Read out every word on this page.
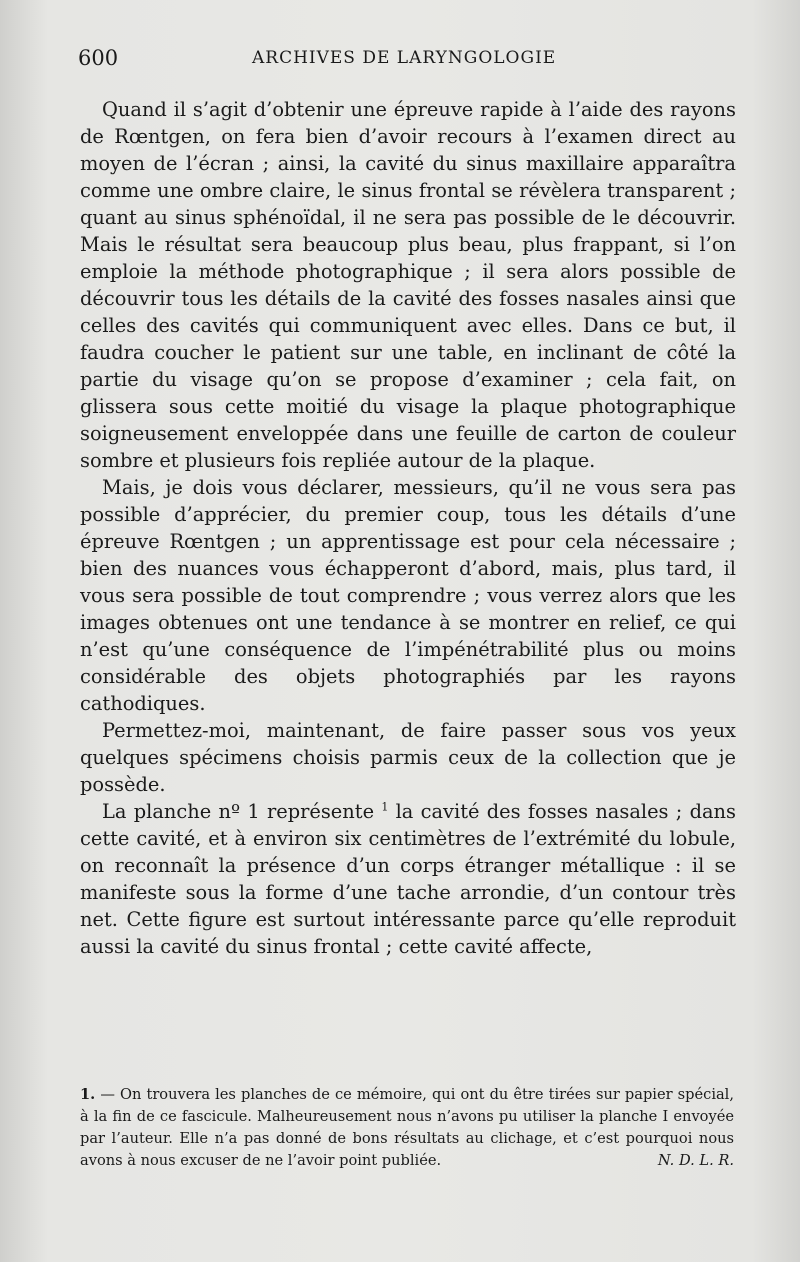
600	ARCHIVES DE LARYNGOLOGIE

Quand il s’agit d’obtenir une épreuve rapide à l’aide des rayons de Rœntgen, on fera bien d’avoir recours à l’examen direct au moyen de l’écran ; ainsi, la cavité du sinus maxillaire apparaîtra comme une ombre claire, le sinus frontal se révèlera transparent ; quant au sinus sphénoïdal, il ne sera pas possible de le découvrir. Mais le résultat sera beaucoup plus beau, plus frappant, si l’on emploie la méthode photographique ; il sera alors possible de découvrir tous les détails de la cavité des fosses nasales ainsi que celles des cavités qui communiquent avec elles. Dans ce but, il faudra coucher le patient sur une table, en inclinant de côté la partie du visage qu’on se propose d’examiner ; cela fait, on glissera sous cette moitié du visage la plaque photographique soigneusement enveloppée dans une feuille de carton de couleur sombre et plusieurs fois repliée autour de la plaque.

Mais, je dois vous déclarer, messieurs, qu’il ne vous sera pas possible d’apprécier, du premier coup, tous les détails d’une épreuve Rœntgen ; un apprentissage est pour cela nécessaire ; bien des nuances vous échapperont d’abord, mais, plus tard, il vous sera possible de tout comprendre ; vous verrez alors que les images obtenues ont une tendance à se montrer en relief, ce qui n’est qu’une conséquence de l’impénétrabilité plus ou moins considérable des objets photographiés par les rayons cathodiques.

Permettez-moi, maintenant, de faire passer sous vos yeux quelques spécimens choisis parmis ceux de la collection que je possède.

La planche nº 1 représente $^1$ la cavité des fosses nasales ; dans cette cavité, et à environ six centimètres de l’extrémité du lobule, on reconnaît la présence d’un corps étranger métallique : il se manifeste sous la forme d’une tache arrondie, d’un contour très net. Cette figure est surtout intéressante parce qu’elle reproduit aussi la cavité du sinus frontal ; cette cavité affecte,

1. — On trouvera les planches de ce mémoire, qui ont du être tirées sur papier spécial, à la fin de ce fascicule. Malheureusement nous n’avons pu utiliser la planche I envoyée par l’auteur. Elle n’a pas donné de bons résultats au clichage, et c’est pourquoi nous avons à nous excuser de ne l’avoir point publiée.	N. D. L. R.
